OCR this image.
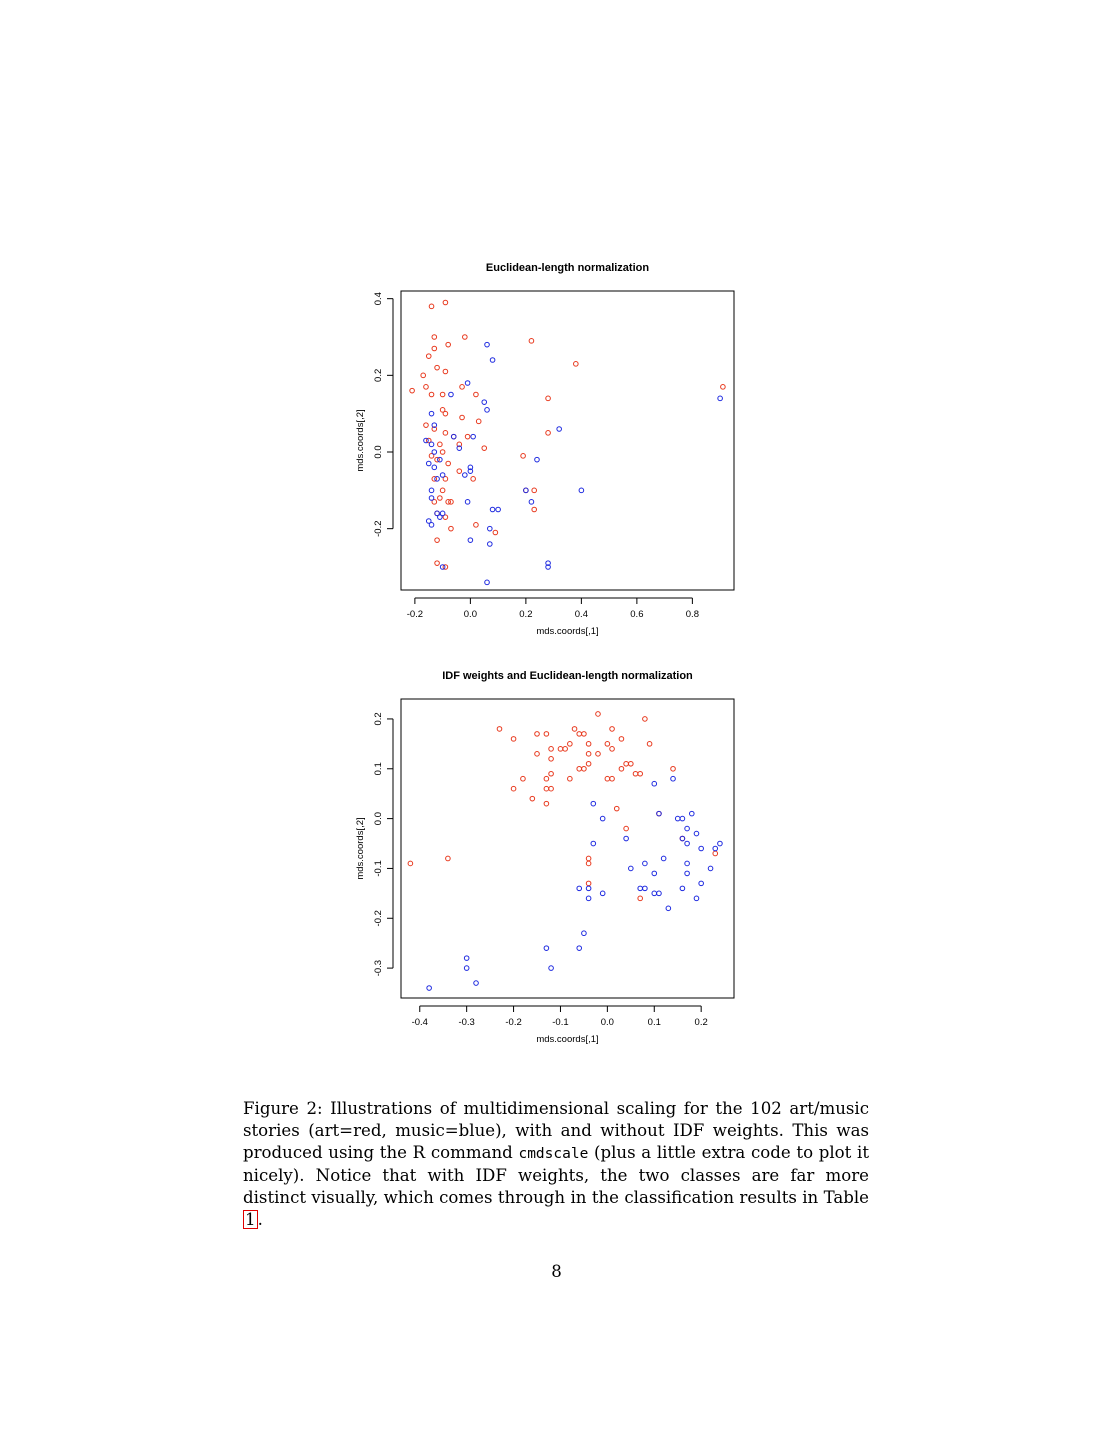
Euclidean-length normalization
-0.2	0.0	0.2	0.4	0.6	0.8
mds.coords[,1]
-0.2
0.0
0.2
0.4
mds.coords[,2]
IDF weights and Euclidean-length normalization
-0.4	-0.3	-0.2	-0.1	0.0	0.1	0.2
mds.coords[,1]
-0.3
-0.2
-0.1
0.0
0.1
0.2
mds.coords[,2]
Figure 2: Illustrations of multidimensional scaling for the 102 art/music stories (art=red, music=blue), with and without IDF weights. This was produced using the R command cmdscale (plus a little extra code to plot it nicely). Notice that with IDF weights, the two classes are far more distinct visually, which comes through in the classification results in Table 1 .
8
